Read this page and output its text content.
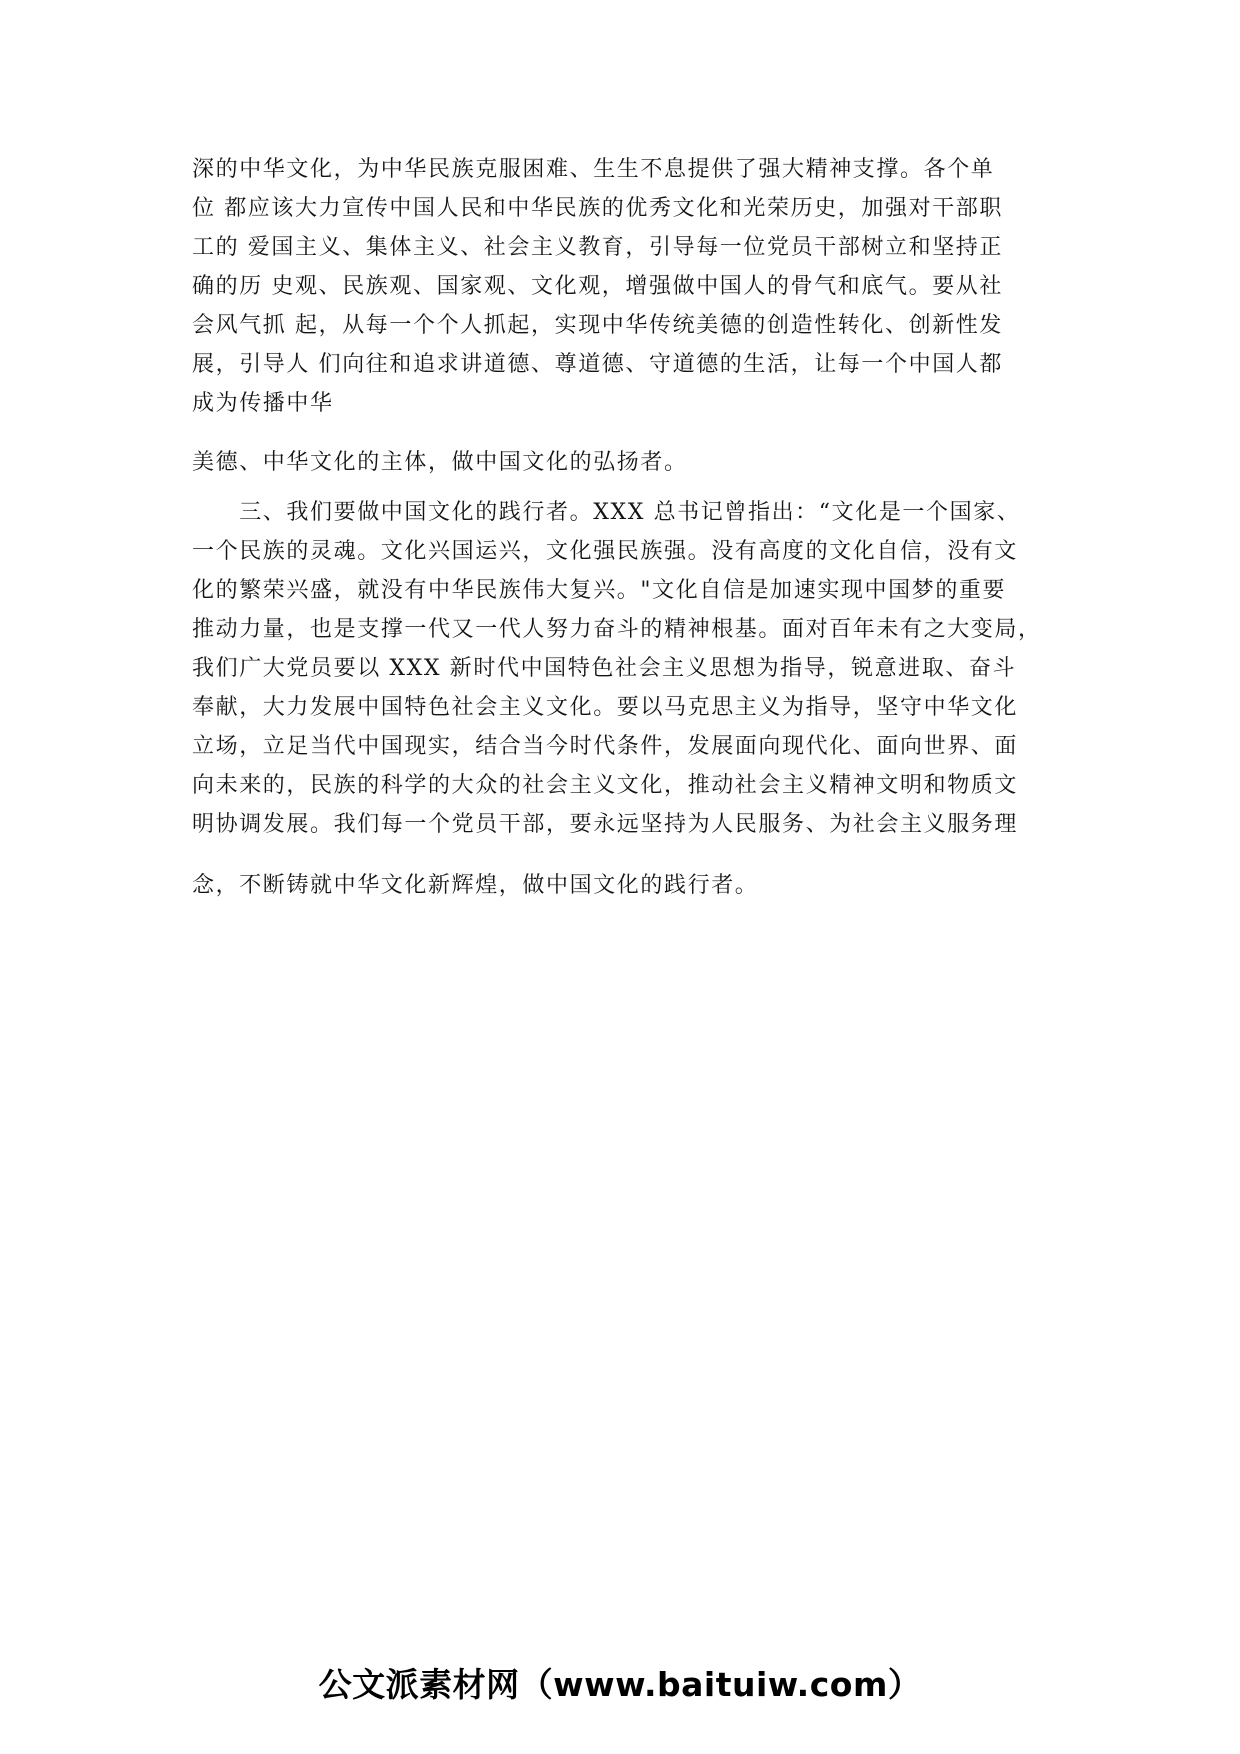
深的中华文化，为中华民族克服困难、生生不息提供了强大精神支撑。各个单
位 都应该大力宣传中国人民和中华民族的优秀文化和光荣历史，加强对干部职
工的 爱国主义、集体主义、社会主义教育，引导每一位党员干部树立和坚持正
确的历 史观、民族观、国家观、文化观，增强做中国人的骨气和底气。要从社
会风气抓 起，从每一个个人抓起，实现中华传统美德的创造性转化、创新性发
展，引导人 们向往和追求讲道德、尊道德、守道德的生活，让每一个中国人都
成为传播中华
美德、中华文化的主体，做中国文化的弘扬者。
　　三、我们要做中国文化的践行者。XXX 总书记曾指出：“文化是一个国家、
一个民族的灵魂。文化兴国运兴，文化强民族强。没有高度的文化自信，没有文
化的繁荣兴盛，就没有中华民族伟大复兴。"文化自信是加速实现中国梦的重要
推动力量，也是支撑一代又一代人努力奋斗的精神根基。面对百年未有之大变局，
我们广大党员要以 XXX 新时代中国特色社会主义思想为指导，锐意进取、奋斗
奉献，大力发展中国特色社会主义文化。要以马克思主义为指导，坚守中华文化
立场，立足当代中国现实，结合当今时代条件，发展面向现代化、面向世界、面
向未来的，民族的科学的大众的社会主义文化，推动社会主义精神文明和物质文
明协调发展。我们每一个党员干部，要永远坚持为人民服务、为社会主义服务理
念，不断铸就中华文化新辉煌，做中国文化的践行者。
公文派素材网（www.baituiw.com）
